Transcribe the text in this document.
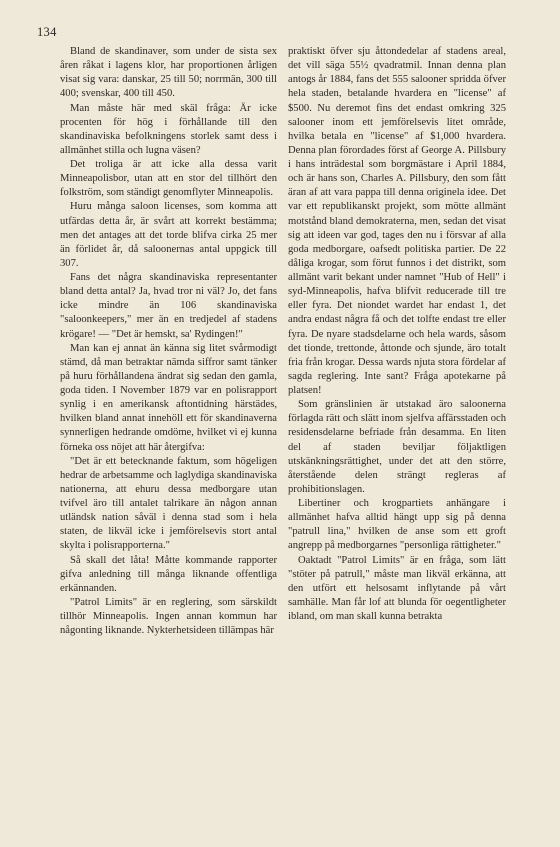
134

Bland de skandinaver, som under de sista sex åren råkat i lagens klor, har proportionen årligen visat sig vara: danskar, 25 till 50; norrmän, 300 till 400; svenskar, 400 till 450.

Man måste här med skäl fråga: Är icke procenten för hög i förhållande till den skandinaviska befolkningens storlek samt dess i allmänhet stilla och lugna väsen?

Det troliga är att icke alla dessa varit Minneapolisbor, utan att en stor del tillhört den folkström, som ständigt genomflyter Minneapolis.

Huru många saloon licenses, som komma att utfärdas detta år, är svårt att korrekt bestämma; men det antages att det torde blifva cirka 25 mer än förlidet år, då saloonernas antal uppgick till 307.

Fans det några skandinaviska representanter bland detta antal? Ja, hvad tror ni väl? Jo, det fans icke mindre än 106 skandinaviska "saloonkeepers," mer än en tredjedel af stadens krögare! — "Det är hemskt, sa' Rydingen!"

Man kan ej annat än känna sig litet svårmodigt stämd, då man betraktar nämda siffror samt tänker på huru förhållandena ändrat sig sedan den gamla, goda tiden. I November 1879 var en polisrapport synlig i en amerikansk aftontidning härstädes, hvilken bland annat innehöll ett för skandinaverna synnerligen hedrande omdöme, hvilket vi ej kunna förneka oss nöjet att här återgifva:

"Det är ett betecknande faktum, som högeligen hedrar de arbetsamme och laglydiga skandinaviska nationerna, att ehuru dessa medborgare utan tvifvel äro till antalet talrikare än någon annan utländsk nation såväl i denna stad som i hela staten, de likväl icke i jemförelsevis stort antal skylta i polisrapporterna."

Så skall det låta! Måtte kommande rapporter gifva anledning till många liknande offentliga erkännanden.

"Patrol Limits" är en reglering, som särskildt tillhör Minneapolis. Ingen annan kommun har någonting liknande. Nykterhetsideen tillämpas här

praktiskt öfver sju åttondedelar af stadens areal, det vill säga 55½ qvadratmil. Innan denna plan antogs år 1884, fans det 555 salooner spridda öfver hela staden, betalande hvardera en "license" af $500. Nu deremot fins det endast omkring 325 salooner inom ett jemförelsevis litet område, hvilka betala en "license" af $1,000 hvardera. Denna plan förordades först af George A. Pillsbury i hans inträdestal som borgmästare i April 1884, och är hans son, Charles A. Pillsbury, den som fått äran af att vara pappa till denna originela idee. Det var ett republikanskt projekt, som mötte allmänt motstånd bland demokraterna, men, sedan det visat sig att ideen var god, tages den nu i försvar af alla goda medborgare, oafsedt politiska partier. De 22 dåliga krogar, som förut funnos i det distrikt, som allmänt varit bekant under namnet "Hub of Hell" i syd-Minneapolis, hafva blifvit reducerade till tre eller fyra. Det niondet wardet har endast 1, det andra endast några få och det tolfte endast tre eller fyra. De nyare stadsdelarne och hela wards, såsom det tionde, trettonde, åttonde och sjunde, äro totalt fria från krogar. Dessa wards njuta stora fördelar af sagda reglering. Inte sant? Fråga apotekarne på platsen!

Som gränslinien är utstakad äro saloonerna förlagda rätt och slätt inom sjelfva affärsstaden och residensdelarne befriade från desamma. En liten del af staden beviljar följaktligen utskänkningsrättighet, under det att den större, återstående delen strängt regleras af prohibitionslagen.

Libertiner och krogpartiets anhängare i allmänhet hafva alltid hängt upp sig på denna "patrull lina," hvilken de anse som ett groft angrepp på medborgarnes "personliga rättigheter."

Oaktadt "Patrol Limits" är en fråga, som lätt "stöter på patrull," måste man likväl erkänna, att den utfört ett helsosamt inflytande på vårt samhälle. Man får lof att blunda för oegentligheter ibland, om man skall kunna betrakta
